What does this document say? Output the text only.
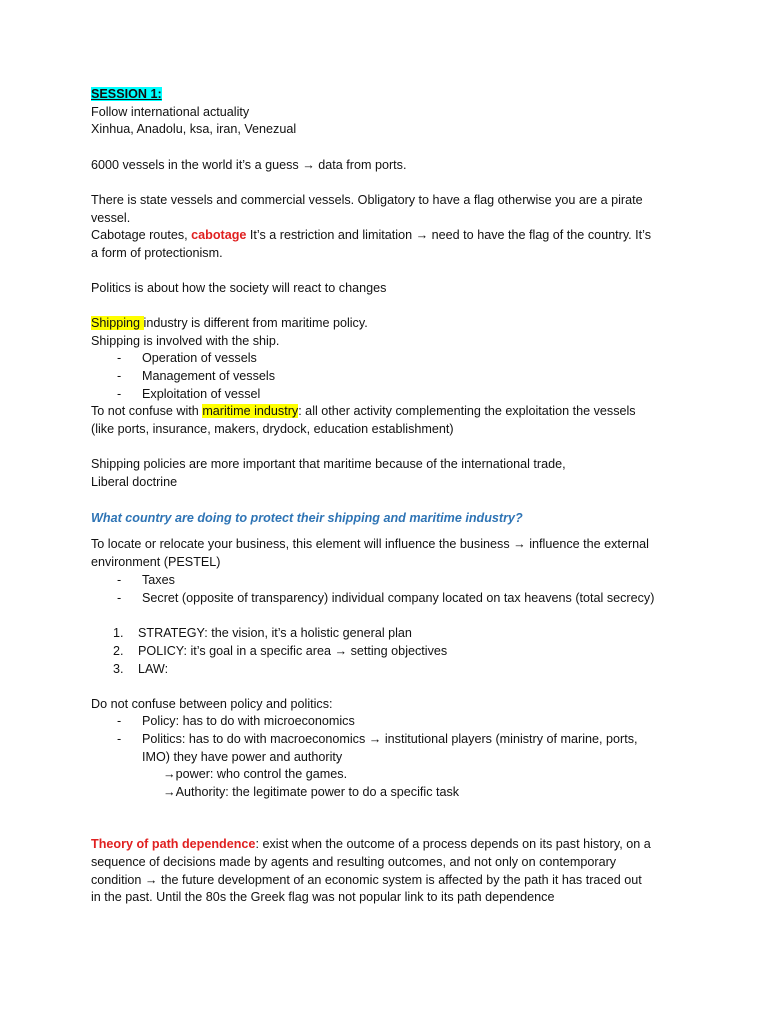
SESSION 1:
Follow international actuality
Xinhua, Anadolu, ksa, iran, Venezual
6000 vessels in the world it’s a guess → data from ports.
There is state vessels and commercial vessels. Obligatory to have a flag otherwise you are a pirate
vessel.
Cabotage routes, cabotage It’s a restriction and limitation → need to have the flag of the country. It’s
a form of protectionism.
Politics is about how the society will react to changes
Shipping industry is different from maritime policy.
Shipping is involved with the ship.
- Operation of vessels
- Management of vessels
- Exploitation of vessel
To not confuse with maritime industry: all other activity complementing the exploitation the vessels
(like ports, insurance, makers, drydock, education establishment)
Shipping policies are more important that maritime because of the international trade,
Liberal doctrine
What country are doing to protect their shipping and maritime industry?
To locate or relocate your business, this element will influence the business → influence the external
environment (PESTEL)
- Taxes
- Secret (opposite of transparency) individual company located on tax heavens (total secrecy)
1. STRATEGY: the vision, it’s a holistic general plan
2. POLICY: it’s goal in a specific area → setting objectives
3. LAW:
Do not confuse between policy and politics:
- Policy: has to do with microeconomics
- Politics: has to do with macroeconomics → institutional players (ministry of marine, ports,
IMO) they have power and authority
→power: who control the games.
→Authority: the legitimate power to do a specific task
Theory of path dependence: exist when the outcome of a process depends on its past history, on a
sequence of decisions made by agents and resulting outcomes, and not only on contemporary
condition → the future development of an economic system is affected by the path it has traced out
in the past. Until the 80s the Greek flag was not popular link to its path dependence
